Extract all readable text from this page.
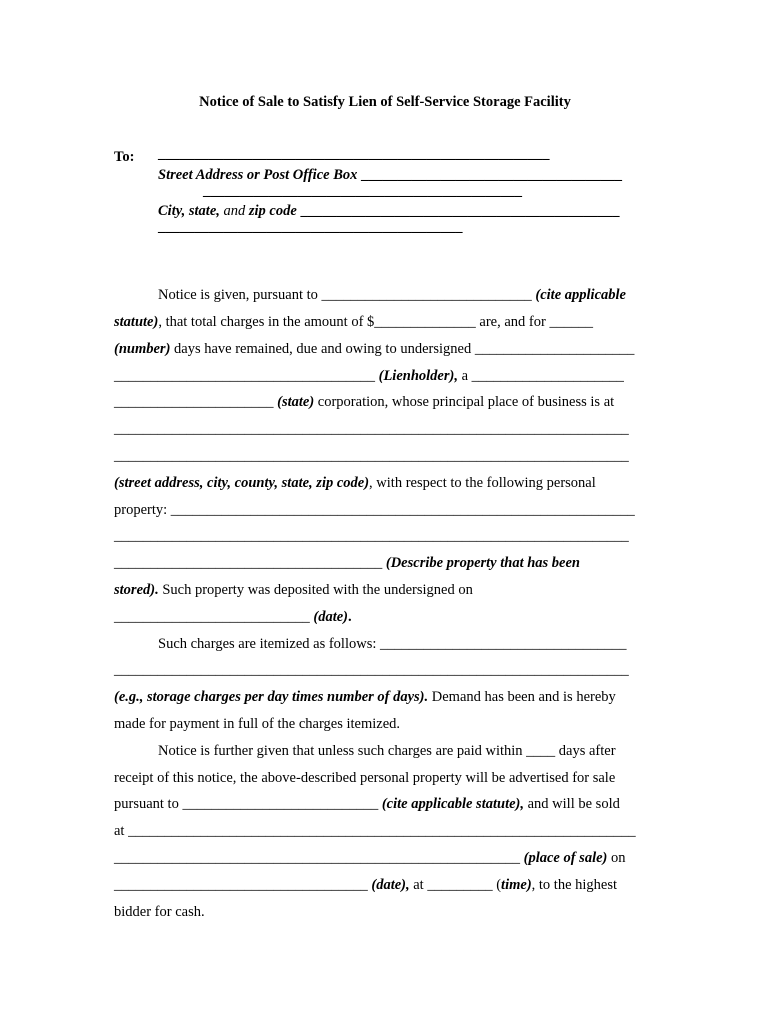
Notice of Sale to Satisfy Lien of Self-Service Storage Facility
To: ______________________________________________________
Street Address or Post Office Box ____________________________________
____________________________________________
City, state, and zip code ____________________________________________
__________________________________________
Notice is given, pursuant to _____________________________ (cite applicable
statute), that total charges in the amount of $______________ are, and for ______
(number) days have remained, due and owing to undersigned ______________________
____________________________________ (Lienholder), a _____________________
______________________ (state) corporation, whose principal place of business is at
_______________________________________________________________________
_______________________________________________________________________
(street address, city, county, state, zip code), with respect to the following personal
property: ________________________________________________________________
_______________________________________________________________________
_____________________________________ (Describe property that has been
stored). Such property was deposited with the undersigned on
___________________________ (date).
Such charges are itemized as follows: __________________________________
_______________________________________________________________________
(e.g., storage charges per day times number of days). Demand has been and is hereby
made for payment in full of the charges itemized.
Notice is further given that unless such charges are paid within ____ days after
receipt of this notice, the above-described personal property will be advertised for sale
pursuant to ___________________________ (cite applicable statute), and will be sold
at ______________________________________________________________________
________________________________________________________ (place of sale) on
___________________________________ (date), at _________ (time), to the highest
bidder for cash.
